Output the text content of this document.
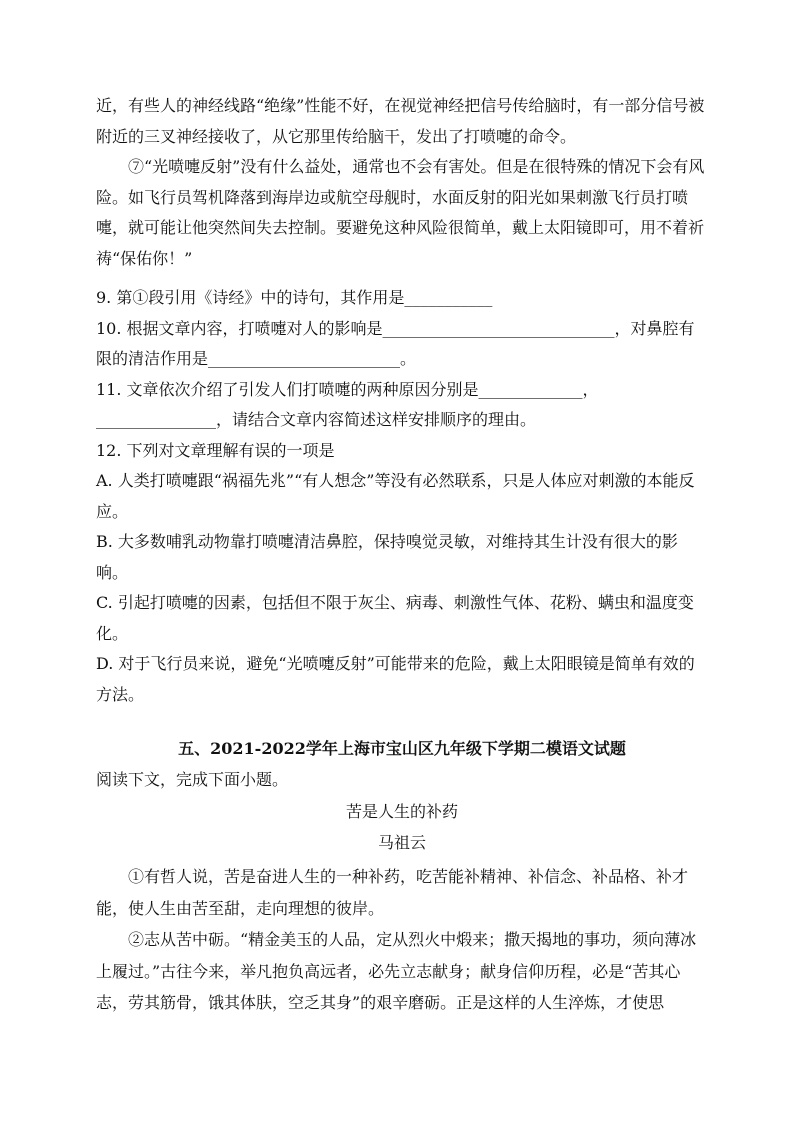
近，有些人的神经线路“绝缘”性能不好，在视觉神经把信号传给脑时，有一部分信号被附近的三叉神经接收了，从它那里传给脑干，发出了打喷嚏的命令。

⑦“光喷嚏反射”没有什么益处，通常也不会有害处。但是在很特殊的情况下会有风险。如飞行员驾机降落到海岸边或航空母舰时，水面反射的阳光如果刺激飞行员打喷嚏，就可能让他突然间失去控制。要避免这种风险很简单，戴上太阳镜即可，用不着祈祷“保佑你！”

9. 第①段引用《诗经》中的诗句，其作用是___________

10. 根据文章内容，打喷嚏对人的影响是_____________________________，对鼻腔有限的清洁作用是________________________。

11. 文章依次介绍了引发人们打喷嚏的两种原因分别是_____________，_______________，请结合文章内容简述这样安排顺序的理由。

12. 下列对文章理解有误的一项是

A. 人类打喷嚏跟“祸福先兆”“有人想念”等没有必然联系，只是人体应对刺激的本能反应。

B. 大多数哺乳动物靠打喷嚏清洁鼻腔，保持嗅觉灵敏，对维持其生计没有很大的影响。

C. 引起打喷嚏的因素，包括但不限于灰尘、病毒、刺激性气体、花粉、螨虫和温度变化。

D. 对于飞行员来说，避免“光喷嚏反射”可能带来的危险，戴上太阳眼镜是简单有效的方法。

五、2021-2022学年上海市宝山区九年级下学期二模语文试题

阅读下文，完成下面小题。

苦是人生的补药

马祖云

①有哲人说，苦是奋进人生的一种补药，吃苦能补精神、补信念、补品格、补才能，使人生由苦至甜，走向理想的彼岸。

②志从苦中砺。“精金美玉的人品，定从烈火中煅来；撒天揭地的事功，须向薄冰上履过。”古往今来，举凡抱负高远者，必先立志献身；献身信仰历程，必是“苦其心志，劳其筋骨，饿其体肤，空乏其身”的艰辛磨砺。正是这样的人生淬炼，才使思
